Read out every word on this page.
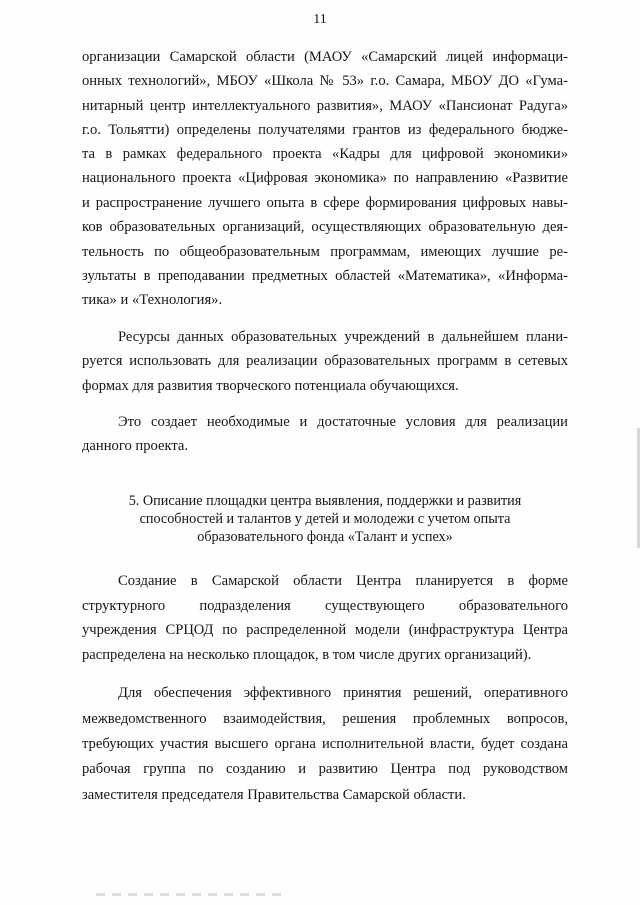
11
организации Самарской области (МАОУ «Самарский лицей информаци-
онных технологий», МБОУ «Школа № 53» г.о. Самара, МБОУ ДО «Гума-
нитарный центр интеллектуального развития», МАОУ «Пансионат Радуга»
г.о. Тольятти) определены получателями грантов из федерального бюдже-
та в рамках федерального проекта «Кадры для цифровой экономики»
национального проекта «Цифровая экономика» по направлению «Развитие
и распространение лучшего опыта в сфере формирования цифровых навы-
ков образовательных организаций, осуществляющих образовательную дея-
тельность по общеобразовательным программам, имеющих лучшие ре-
зультаты в преподавании предметных областей «Математика», «Информа-
тика» и «Технология».
Ресурсы данных образовательных учреждений в дальнейшем плани-
руется использовать для реализации образовательных программ в сетевых
формах для развития творческого потенциала обучающихся.
Это создает необходимые и достаточные условия для реализации
данного проекта.
5. Описание площадки центра выявления, поддержки и развития
способностей и талантов у детей и молодежи с учетом опыта
образовательного фонда «Талант и успех»
Создание в Самарской области Центра планируется в форме
структурного подразделения существующего образовательного
учреждения СРЦОД по распределенной модели (инфраструктура Центра
распределена на несколько площадок, в том числе других организаций).
Для обеспечения эффективного принятия решений, оперативного
межведомственного взаимодействия, решения проблемных вопросов,
требующих участия высшего органа исполнительной власти, будет создана
рабочая группа по созданию и развитию Центра под руководством
заместителя председателя Правительства Самарской области.
